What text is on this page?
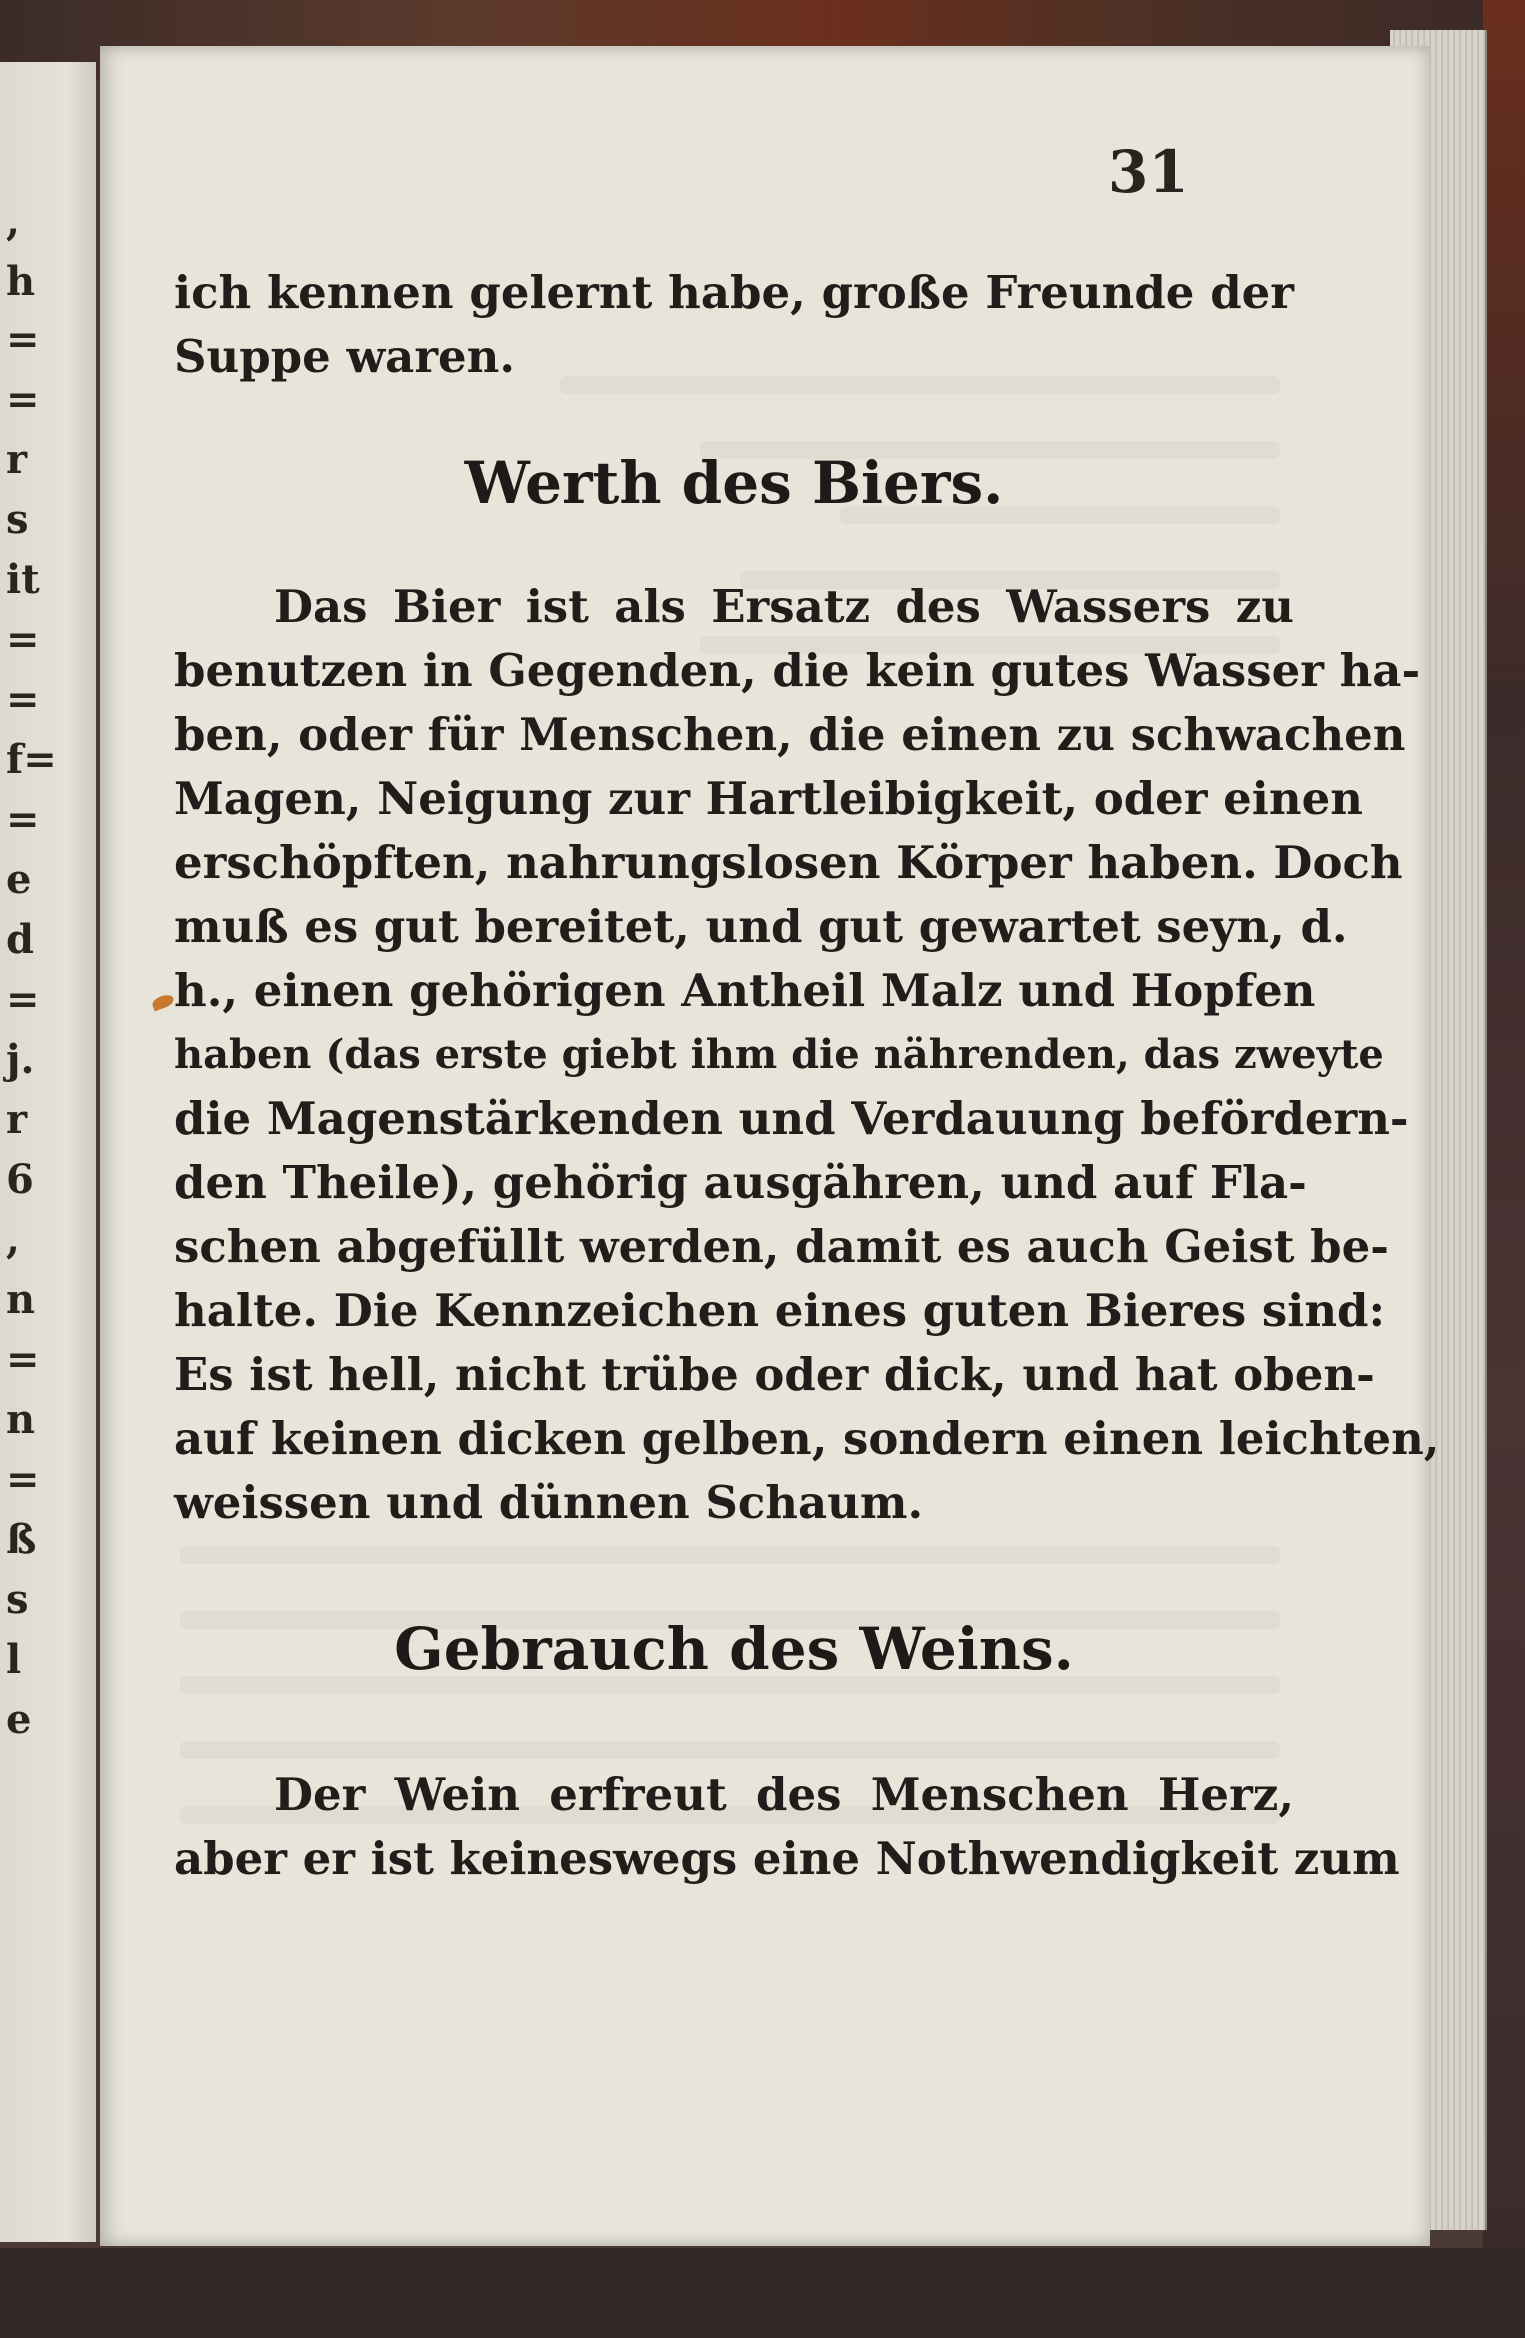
,
h
=
=
r
s
it
=
=
f=
=
e
d
=
j.
r
6
,
n
=
n
=
ß
s
l
e
31
ich kennen gelernt habe, große Freunde der
Suppe waren.
Werth des Biers.
Das Bier ist als Ersatz des Wassers zu
benutzen in Gegenden, die kein gutes Wasser ha-
ben, oder für Menschen, die einen zu schwachen
Magen, Neigung zur Hartleibigkeit, oder einen
erschöpften, nahrungslosen Körper haben. Doch
muß es gut bereitet, und gut gewartet seyn, d.
h., einen gehörigen Antheil Malz und Hopfen
haben (das erste giebt ihm die nährenden, das zweyte
die Magenstärkenden und Verdauung befördern-
den Theile), gehörig ausgähren, und auf Fla-
schen abgefüllt werden, damit es auch Geist be-
halte. Die Kennzeichen eines guten Bieres sind:
Es ist hell, nicht trübe oder dick, und hat oben-
auf keinen dicken gelben, sondern einen leichten,
weissen und dünnen Schaum.
Gebrauch des Weins.
Der Wein erfreut des Menschen Herz,
aber er ist keineswegs eine Nothwendigkeit zum
